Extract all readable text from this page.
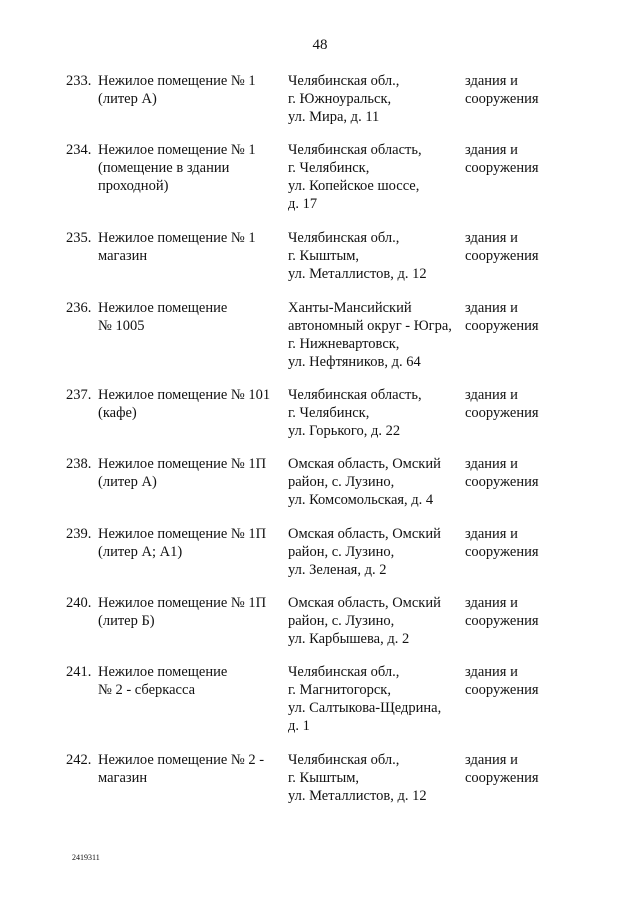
48
233. Нежилое помещение № 1
(литер А)
Челябинская обл.,
г. Южноуральск,
ул. Мира, д. 11
здания и
сооружения
234. Нежилое помещение № 1
(помещение в здании
проходной)
Челябинская область,
г. Челябинск,
ул. Копейское шоссе,
д. 17
здания и
сооружения
235. Нежилое помещение № 1
магазин
Челябинская обл.,
г. Кыштым,
ул. Металлистов, д. 12
здания и
сооружения
236. Нежилое помещение
№ 1005
Ханты-Мансийский
автономный округ - Югра,
г. Нижневартовск,
ул. Нефтяников, д. 64
здания и
сооружения
237. Нежилое помещение № 101
(кафе)
Челябинская область,
г. Челябинск,
ул. Горького, д. 22
здания и
сооружения
238. Нежилое помещение № 1П
(литер А)
Омская область, Омский
район, с. Лузино,
ул. Комсомольская, д. 4
здания и
сооружения
239. Нежилое помещение № 1П
(литер А; А1)
Омская область, Омский
район, с. Лузино,
ул. Зеленая, д. 2
здания и
сооружения
240. Нежилое помещение № 1П
(литер Б)
Омская область, Омский
район, с. Лузино,
ул. Карбышева, д. 2
здания и
сооружения
241. Нежилое помещение
№ 2 - сберкасса
Челябинская обл.,
г. Магнитогорск,
ул. Салтыкова-Щедрина,
д. 1
здания и
сооружения
242. Нежилое помещение № 2 -
магазин
Челябинская обл.,
г. Кыштым,
ул. Металлистов, д. 12
здания и
сооружения
2419311
